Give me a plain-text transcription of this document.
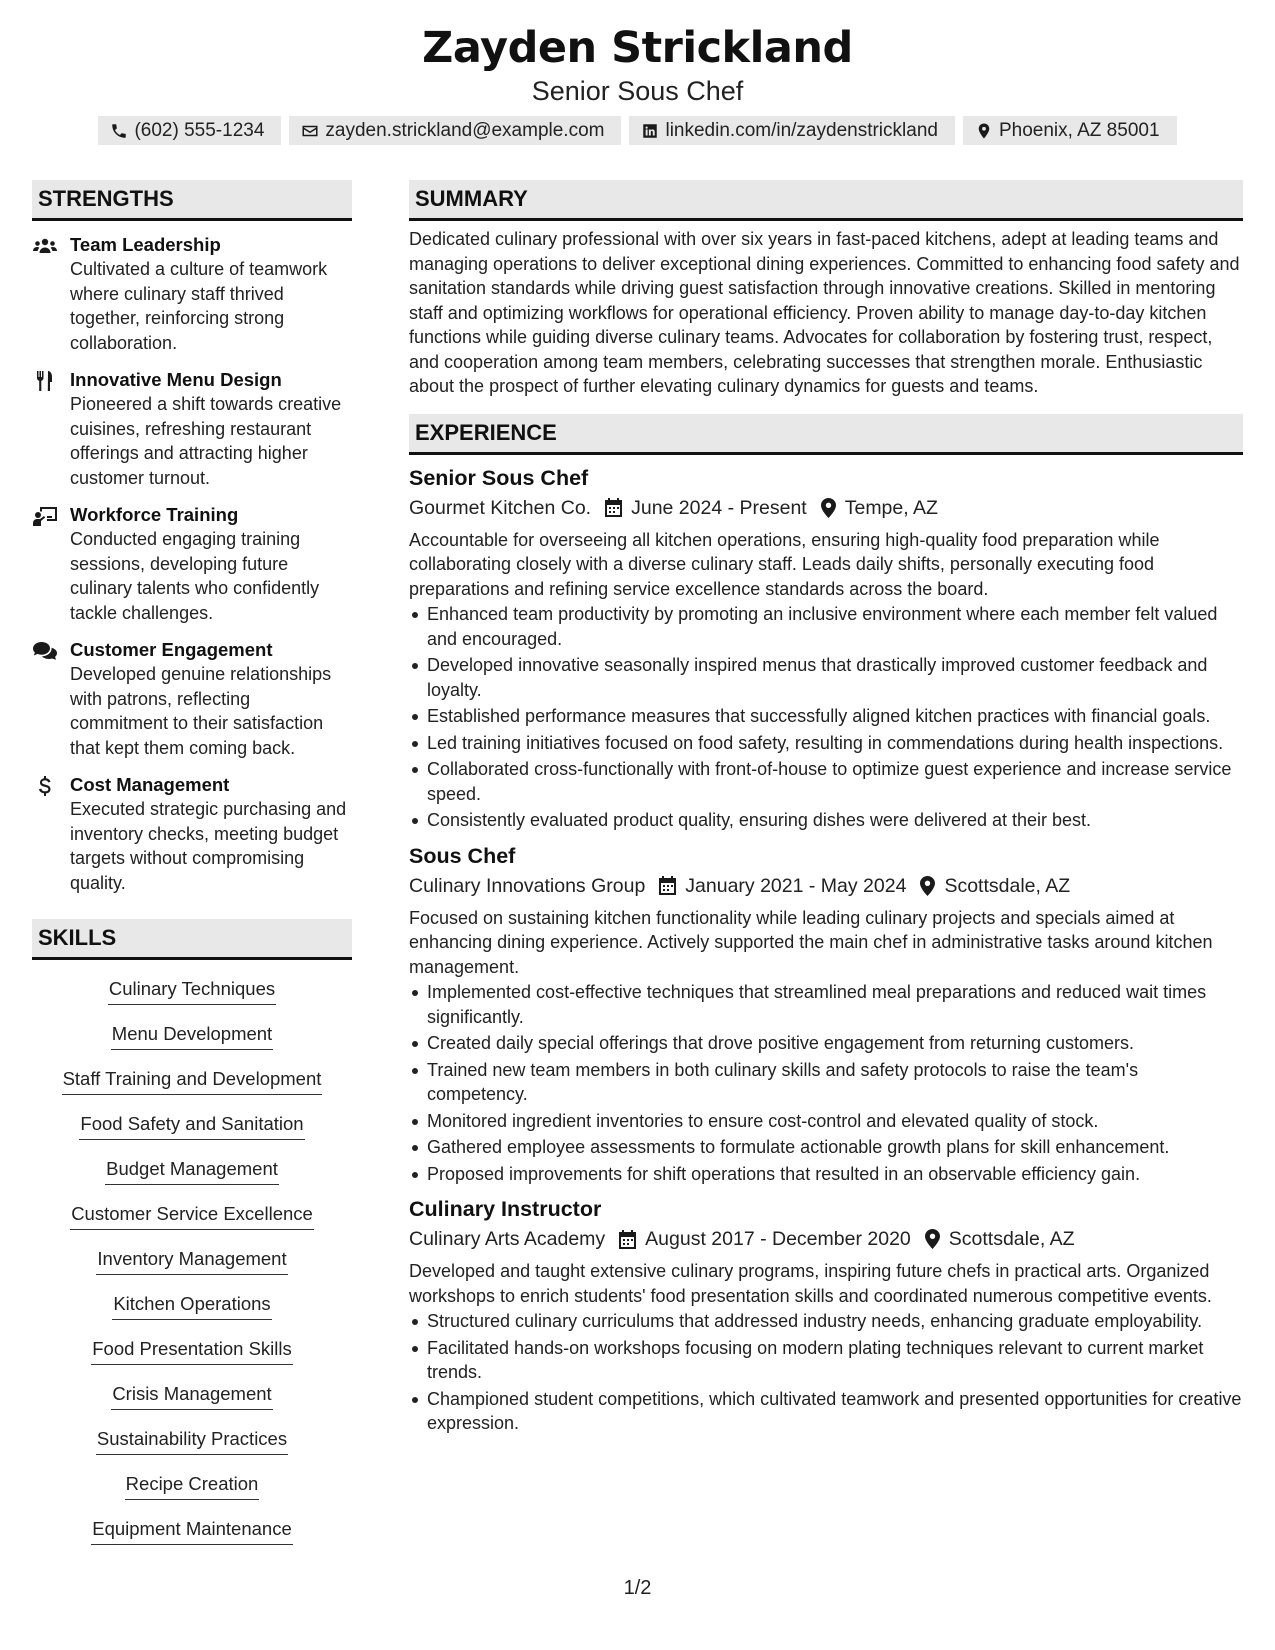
Zayden Strickland
Senior Sous Chef
(602) 555-1234	zayden.strickland@example.com	linkedin.com/in/zaydenstrickland	Phoenix, AZ 85001
STRENGTHS
Team Leadership
Cultivated a culture of teamwork where culinary staff thrived together, reinforcing strong collaboration.
Innovative Menu Design
Pioneered a shift towards creative cuisines, refreshing restaurant offerings and attracting higher customer turnout.
Workforce Training
Conducted engaging training sessions, developing future culinary talents who confidently tackle challenges.
Customer Engagement
Developed genuine relationships with patrons, reflecting commitment to their satisfaction that kept them coming back.
Cost Management
Executed strategic purchasing and inventory checks, meeting budget targets without compromising quality.
SKILLS
Culinary Techniques
Menu Development
Staff Training and Development
Food Safety and Sanitation
Budget Management
Customer Service Excellence
Inventory Management
Kitchen Operations
Food Presentation Skills
Crisis Management
Sustainability Practices
Recipe Creation
Equipment Maintenance
SUMMARY
Dedicated culinary professional with over six years in fast-paced kitchens, adept at leading teams and managing operations to deliver exceptional dining experiences. Committed to enhancing food safety and sanitation standards while driving guest satisfaction through innovative creations. Skilled in mentoring staff and optimizing workflows for operational efficiency. Proven ability to manage day-to-day kitchen functions while guiding diverse culinary teams. Advocates for collaboration by fostering trust, respect, and cooperation among team members, celebrating successes that strengthen morale. Enthusiastic about the prospect of further elevating culinary dynamics for guests and teams.
EXPERIENCE
Senior Sous Chef
Gourmet Kitchen Co. June 2024 - Present Tempe, AZ
Accountable for overseeing all kitchen operations, ensuring high-quality food preparation while collaborating closely with a diverse culinary staff. Leads daily shifts, personally executing food preparations and refining service excellence standards across the board.
Enhanced team productivity by promoting an inclusive environment where each member felt valued and encouraged.
Developed innovative seasonally inspired menus that drastically improved customer feedback and loyalty.
Established performance measures that successfully aligned kitchen practices with financial goals.
Led training initiatives focused on food safety, resulting in commendations during health inspections.
Collaborated cross-functionally with front-of-house to optimize guest experience and increase service speed.
Consistently evaluated product quality, ensuring dishes were delivered at their best.
Sous Chef
Culinary Innovations Group January 2021 - May 2024 Scottsdale, AZ
Focused on sustaining kitchen functionality while leading culinary projects and specials aimed at enhancing dining experience. Actively supported the main chef in administrative tasks around kitchen management.
Implemented cost-effective techniques that streamlined meal preparations and reduced wait times significantly.
Created daily special offerings that drove positive engagement from returning customers.
Trained new team members in both culinary skills and safety protocols to raise the team's competency.
Monitored ingredient inventories to ensure cost-control and elevated quality of stock.
Gathered employee assessments to formulate actionable growth plans for skill enhancement.
Proposed improvements for shift operations that resulted in an observable efficiency gain.
Culinary Instructor
Culinary Arts Academy August 2017 - December 2020 Scottsdale, AZ
Developed and taught extensive culinary programs, inspiring future chefs in practical arts. Organized workshops to enrich students' food presentation skills and coordinated numerous competitive events.
Structured culinary curriculums that addressed industry needs, enhancing graduate employability.
Facilitated hands-on workshops focusing on modern plating techniques relevant to current market trends.
Championed student competitions, which cultivated teamwork and presented opportunities for creative expression.
1/2
